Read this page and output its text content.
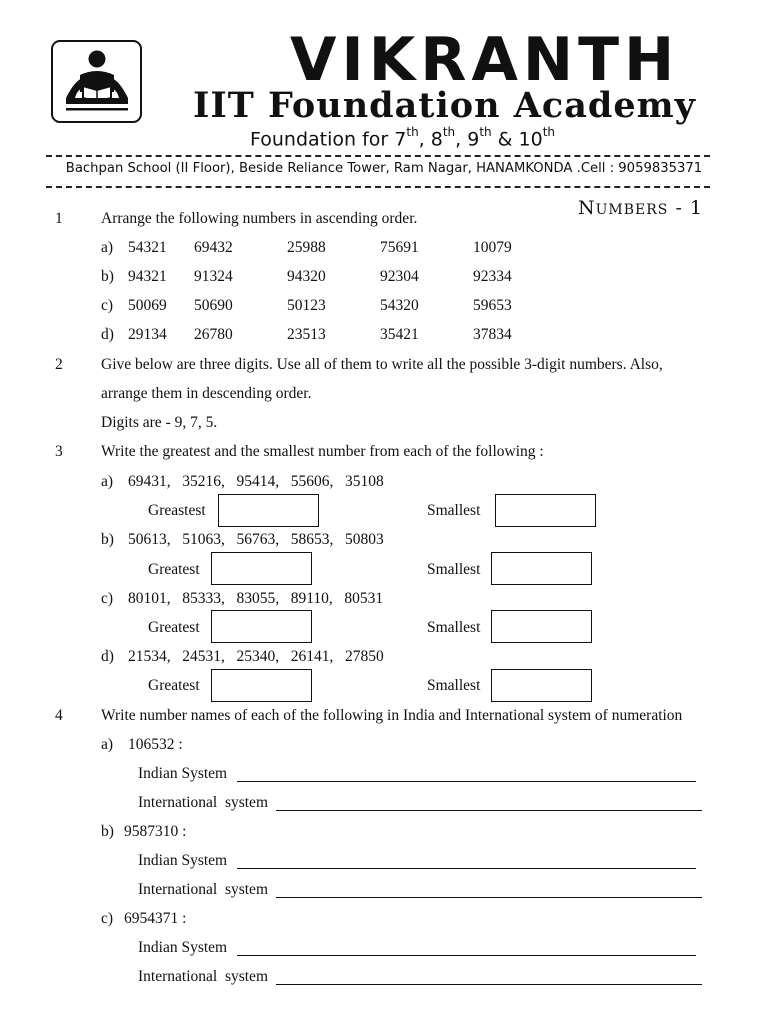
VIKRANTH
IIT Foundation Academy
Foundation for 7th, 8th, 9th & 10th
Bachpan School (II Floor), Beside Reliance Tower, Ram Nagar, HANAMKONDA .Cell : 9059835371
NUMBERS - 1
1 Arrange the following numbers in ascending order.
a) 54321 69432	25988	75691	10079
b) 94321 91324	94320	92304	92334
c) 50069 50690	50123	54320	59653
d) 29134 26780	23513	35421	37834
2 Give below are three digits. Use all of them to write all the possible 3-digit numbers. Also,
arrange them in descending order.
Digits are - 9, 7, 5.
3 Write the greatest and the smallest number from each of the following :
a) 69431,   35216,   95414,   55606,   35108
Greastest	Smallest
b) 50613,   51063,   56763,   58653,   50803
Greatest	Smallest
c) 80101,   85333,   83055,   89110,   80531
Greatest	Smallest
d) 21534,   24531,   25340,   26141,   27850
Greatest	Smallest
4 Write number names of each of the following in India and International system of numeration
a) 106532 :
Indian System
International  system
b) 9587310 :
Indian System
International  system
c) 6954371 :
Indian System
International  system
